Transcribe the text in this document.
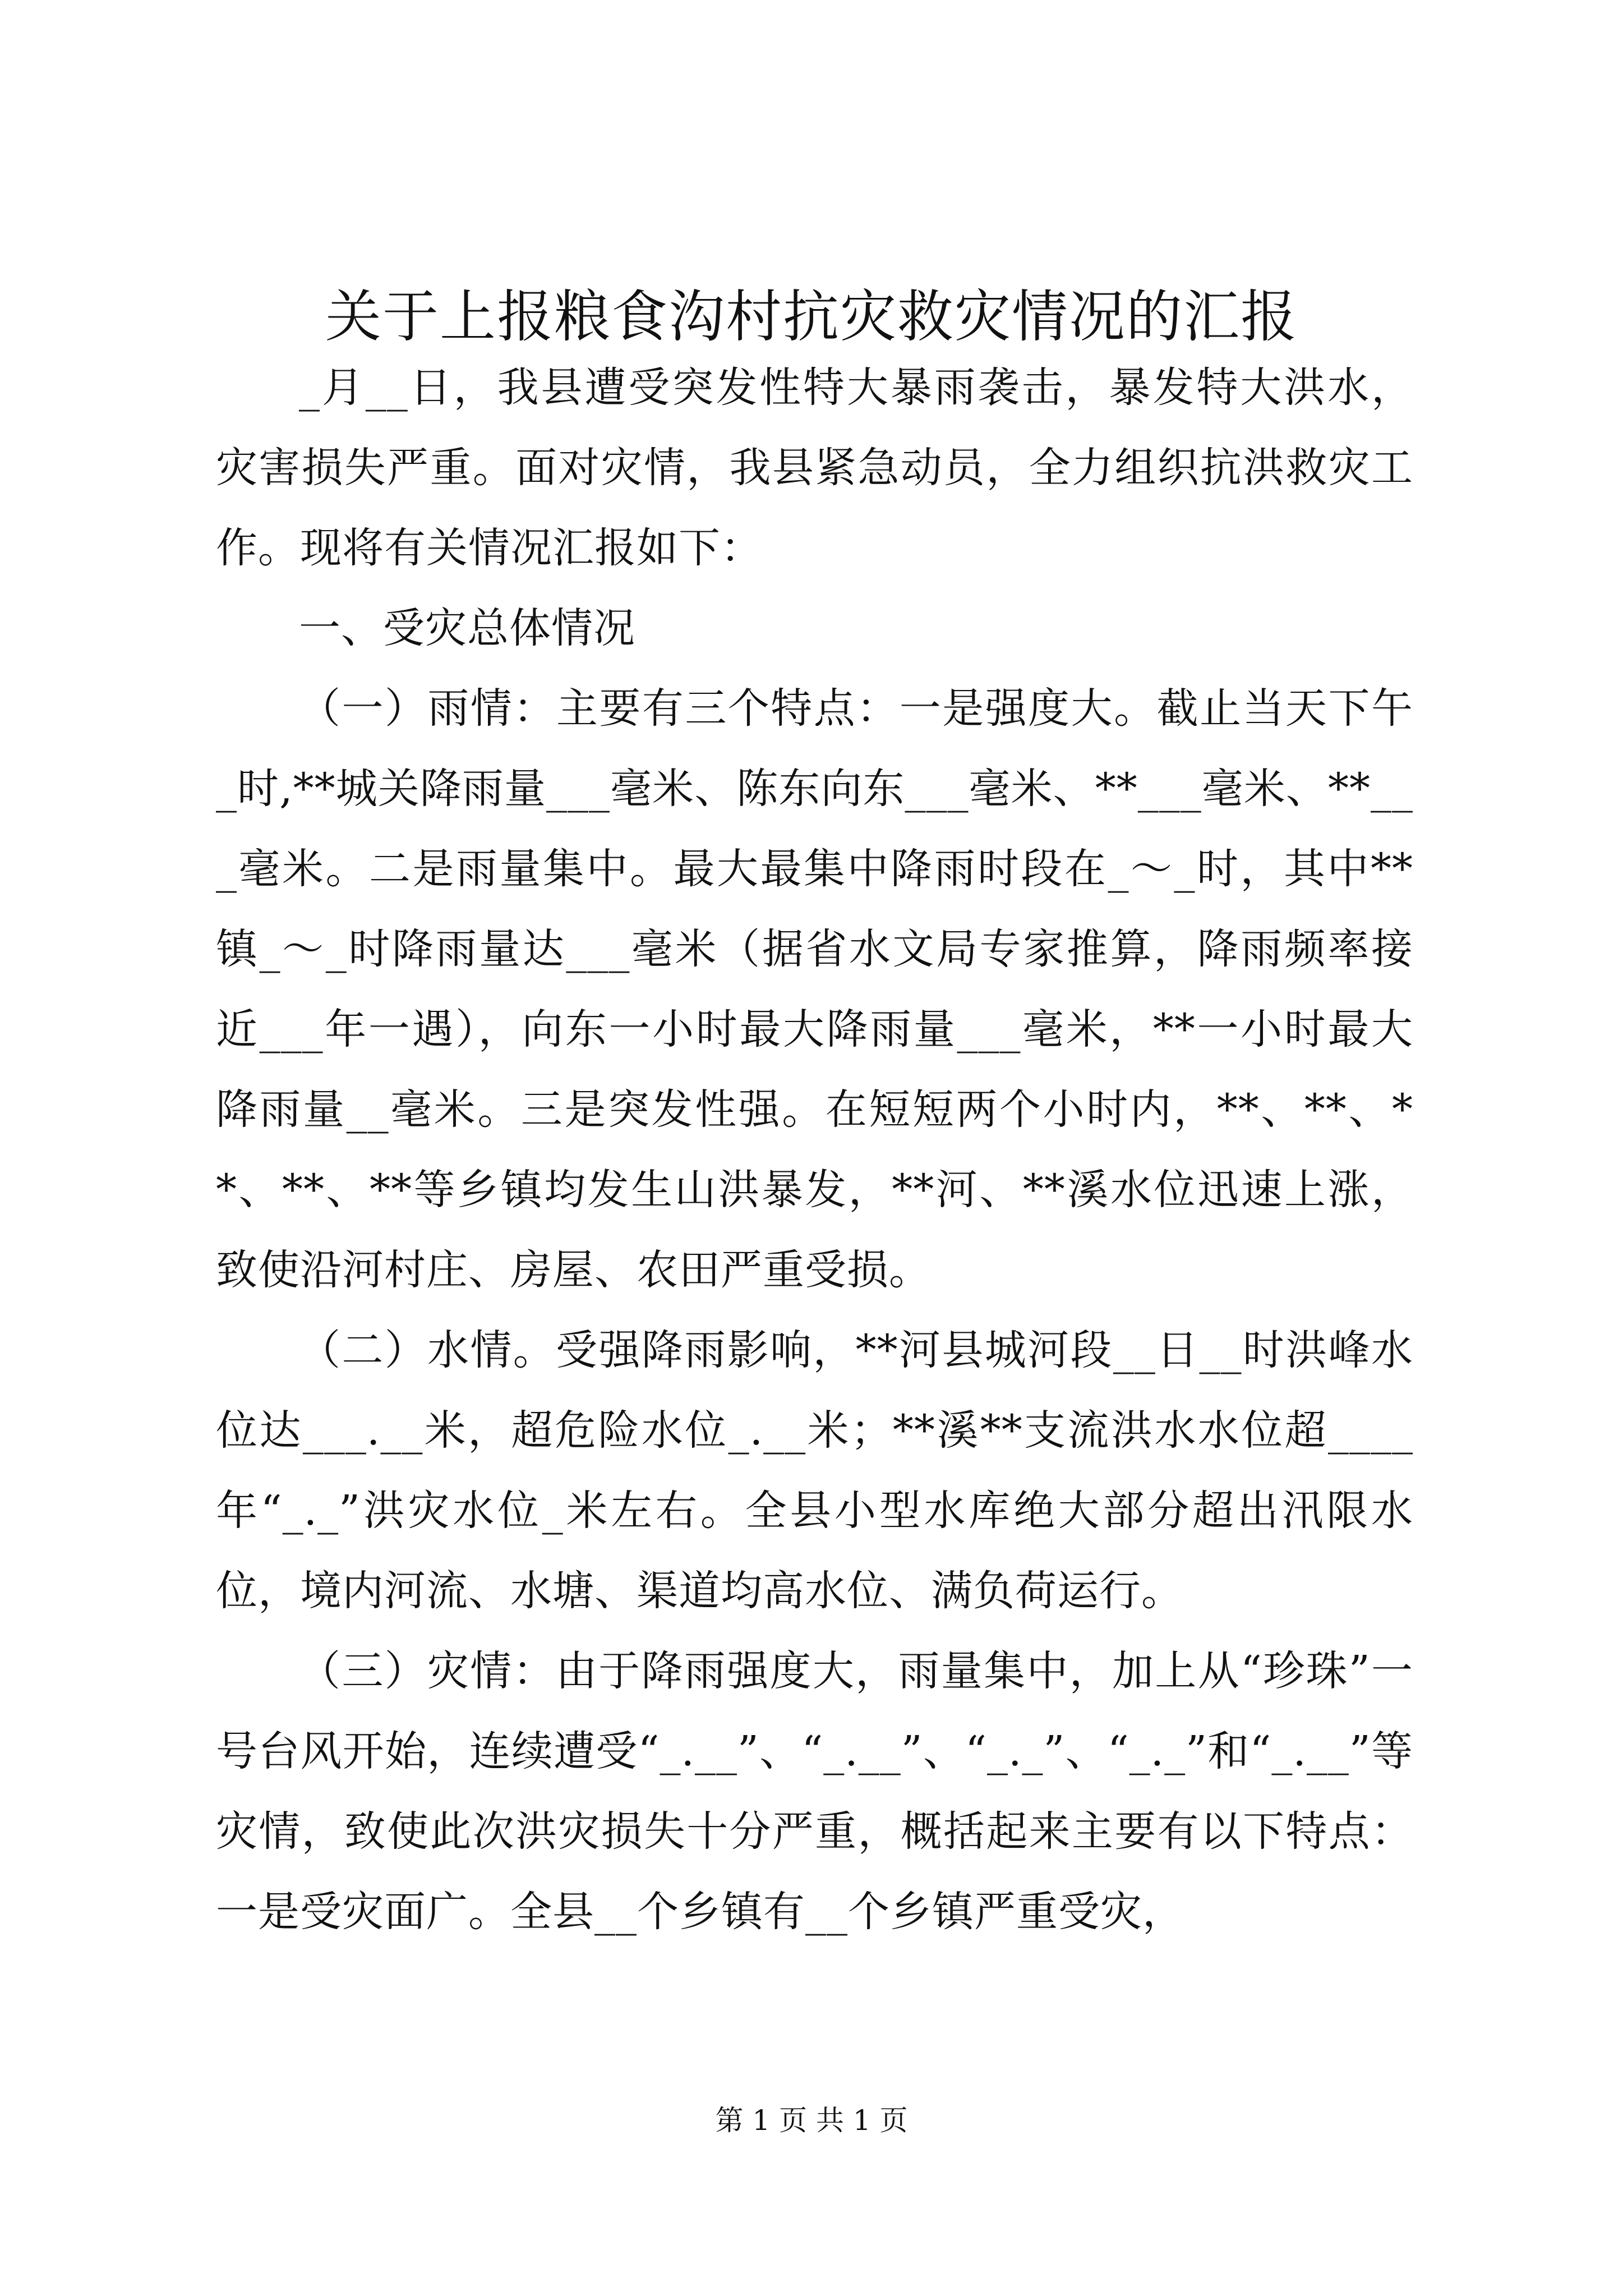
关于上报粮食沟村抗灾救灾情况的汇报

_月__日，我县遭受突发性特大暴雨袭击，暴发特大洪水，灾害损失严重。面对灾情，我县紧急动员，全力组织抗洪救灾工作。现将有关情况汇报如下：

一、受灾总体情况

（一）雨情：主要有三个特点：一是强度大。截止当天下午_时,**城关降雨量___毫米、陈东向东___毫米、**___毫米、**___毫米。二是雨量集中。最大最集中降雨时段在_～_时，其中**镇_～_时降雨量达___毫米（据省水文局专家推算，降雨频率接近___年一遇），向东一小时最大降雨量___毫米，**一小时最大降雨量__毫米。三是突发性强。在短短两个小时内，**、**、**、**、**等乡镇均发生山洪暴发，**河、**溪水位迅速上涨，致使沿河村庄、房屋、农田严重受损。

（二）水情。受强降雨影响，**河县城河段__日__时洪峰水位达___.__米，超危险水位_.__米；**溪**支流洪水水位超____年“_._”洪灾水位_米左右。全县小型水库绝大部分超出汛限水位，境内河流、水塘、渠道均高水位、满负荷运行。

（三）灾情：由于降雨强度大，雨量集中，加上从“珍珠”一号台风开始，连续遭受“_.__”、“_.__”、“_._”、“_._”和“_.__”等灾情，致使此次洪灾损失十分严重，概括起来主要有以下特点：一是受灾面广。全县__个乡镇有__个乡镇严重受灾，

第 1 页 共 1 页
